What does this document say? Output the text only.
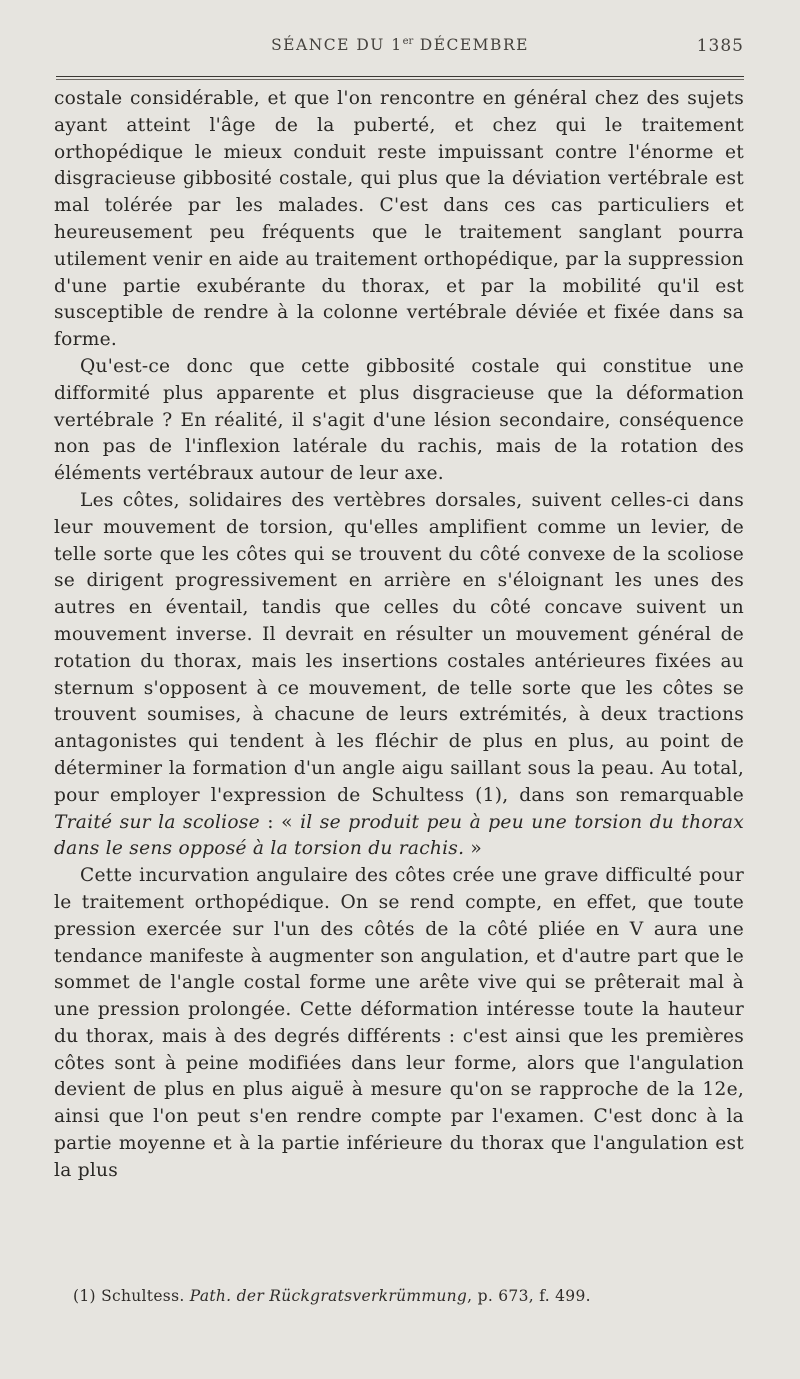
SÉANCE DU 1er DÉCEMBRE	1385

costale considérable, et que l'on rencontre en général chez des sujets ayant atteint l'âge de la puberté, et chez qui le traitement orthopédique le mieux conduit reste impuissant contre l'énorme et disgracieuse gibbosité costale, qui plus que la déviation vertébrale est mal tolérée par les malades. C'est dans ces cas particuliers et heureusement peu fréquents que le traitement sanglant pourra utilement venir en aide au traitement orthopédique, par la suppression d'une partie exubérante du thorax, et par la mobilité qu'il est susceptible de rendre à la colonne vertébrale déviée et fixée dans sa forme.

Qu'est-ce donc que cette gibbosité costale qui constitue une difformité plus apparente et plus disgracieuse que la déformation vertébrale ? En réalité, il s'agit d'une lésion secondaire, conséquence non pas de l'inflexion latérale du rachis, mais de la rotation des éléments vertébraux autour de leur axe.

Les côtes, solidaires des vertèbres dorsales, suivent celles-ci dans leur mouvement de torsion, qu'elles amplifient comme un levier, de telle sorte que les côtes qui se trouvent du côté convexe de la scoliose se dirigent progressivement en arrière en s'éloignant les unes des autres en éventail, tandis que celles du côté concave suivent un mouvement inverse. Il devrait en résulter un mouvement général de rotation du thorax, mais les insertions costales antérieures fixées au sternum s'opposent à ce mouvement, de telle sorte que les côtes se trouvent soumises, à chacune de leurs extrémités, à deux tractions antagonistes qui tendent à les fléchir de plus en plus, au point de déterminer la formation d'un angle aigu saillant sous la peau. Au total, pour employer l'expression de Schultess (1), dans son remarquable Traité sur la scoliose : « il se produit peu à peu une torsion du thorax dans le sens opposé à la torsion du rachis. »

Cette incurvation angulaire des côtes crée une grave difficulté pour le traitement orthopédique. On se rend compte, en effet, que toute pression exercée sur l'un des côtés de la côté pliée en V aura une tendance manifeste à augmenter son angulation, et d'autre part que le sommet de l'angle costal forme une arête vive qui se prêterait mal à une pression prolongée. Cette déformation intéresse toute la hauteur du thorax, mais à des degrés différents : c'est ainsi que les premières côtes sont à peine modifiées dans leur forme, alors que l'angulation devient de plus en plus aiguë à mesure qu'on se rapproche de la 12e, ainsi que l'on peut s'en rendre compte par l'examen. C'est donc à la partie moyenne et à la partie inférieure du thorax que l'angulation est la plus

(1) Schultess. Path. der Rückgratsverkrümmung, p. 673, f. 499.
